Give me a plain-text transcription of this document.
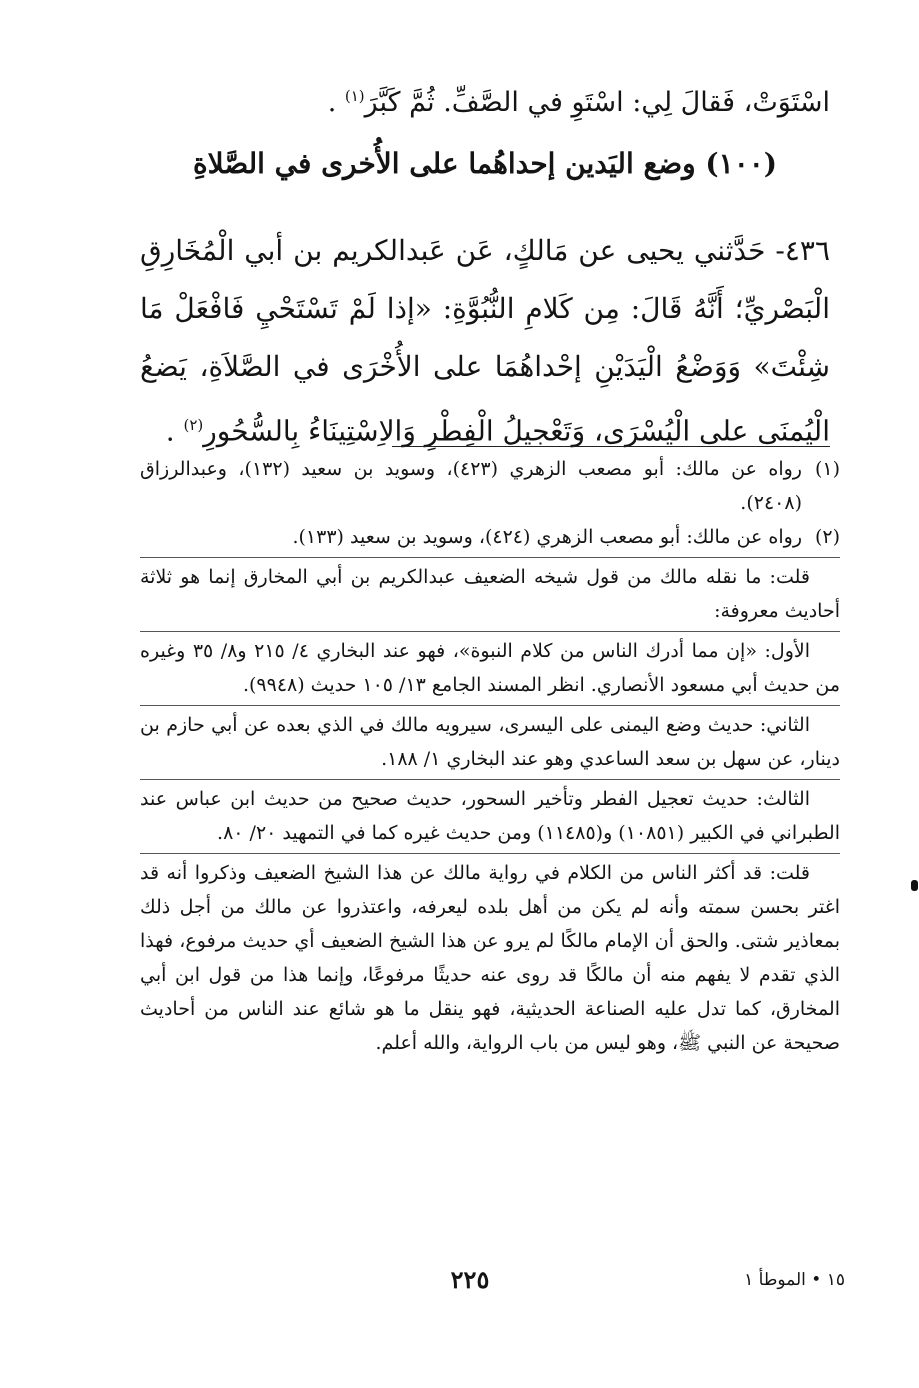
اسْتَوَتْ، فَقالَ لِي: اسْتَوِ في الصَّفِّ. ثُمَّ كَبَّرَ$^{(١)}$ .
(١٠٠) وضع اليَدين إحداهُما على الأُخرى في الصَّلاةِ
٤٣٦- حَدَّثني يحيى عن مَالكٍ، عَن عَبدالكريم بن أبي الْمُخَارِقِ الْبَصْريِّ؛ أَنَّهُ قَالَ: مِن كَلامِ النُّبُوَّةِ: «إذا لَمْ تَسْتَحْيِ فَافْعَلْ مَا شِئْتَ» وَوَضْعُ الْيَدَيْنِ إحْداهُمَا على الأُخْرَى في الصَّلاَةِ، يَضعُ الْيُمنَى على الْيُسْرَى، وَتَعْجيلُ الْفِطْرِ وَالاِسْتِينَاءُ بِالسُّحُورِ$^{(٢)}$ .
(١)
رواه عن مالك: أبو مصعب الزهري (٤٢٣)، وسويد بن سعيد (١٣٢)، وعبدالرزاق (٢٤٠٨).
(٢)
رواه عن مالك: أبو مصعب الزهري (٤٢٤)، وسويد بن سعيد (١٣٣).

قلت: ما نقله مالك من قول شيخه الضعيف عبدالكريم بن أبي المخارق إنما هو ثلاثة أحاديث معروفة:

الأول: «إن مما أدرك الناس من كلام النبوة»، فهو عند البخاري ٤/ ٢١٥ و٨/ ٣٥ وغيره من حديث أبي مسعود الأنصاري. انظر المسند الجامع ١٣/ ١٠٥ حديث (٩٩٤٨).

الثاني: حديث وضع اليمنى على اليسرى، سيرويه مالك في الذي بعده عن أبي حازم بن دينار، عن سهل بن سعد الساعدي وهو عند البخاري ١/ ١٨٨.

الثالث: حديث تعجيل الفطر وتأخير السحور، حديث صحيح من حديث ابن عباس عند الطبراني في الكبير (١٠٨٥١) و(١١٤٨٥) ومن حديث غيره كما في التمهيد ٢٠/ ٨٠.

قلت: قد أكثر الناس من الكلام في رواية مالك عن هذا الشيخ الضعيف وذكروا أنه قد اغتر بحسن سمته وأنه لم يكن من أهل بلده ليعرفه، واعتذروا عن مالك من أجل ذلك بمعاذير شتى. والحق أن الإمام مالكًا لم يرو عن هذا الشيخ الضعيف أي حديث مرفوع، فهذا الذي تقدم لا يفهم منه أن مالكًا قد روى عنه حديثًا مرفوعًا، وإنما هذا من قول ابن أبي المخارق، كما تدل عليه الصناعة الحديثية، فهو ينقل ما هو شائع عند الناس من أحاديث صحيحة عن النبي ﷺ، وهو ليس من باب الرواية، والله أعلم.

٢٢٥	١٥ • الموطأ ١
